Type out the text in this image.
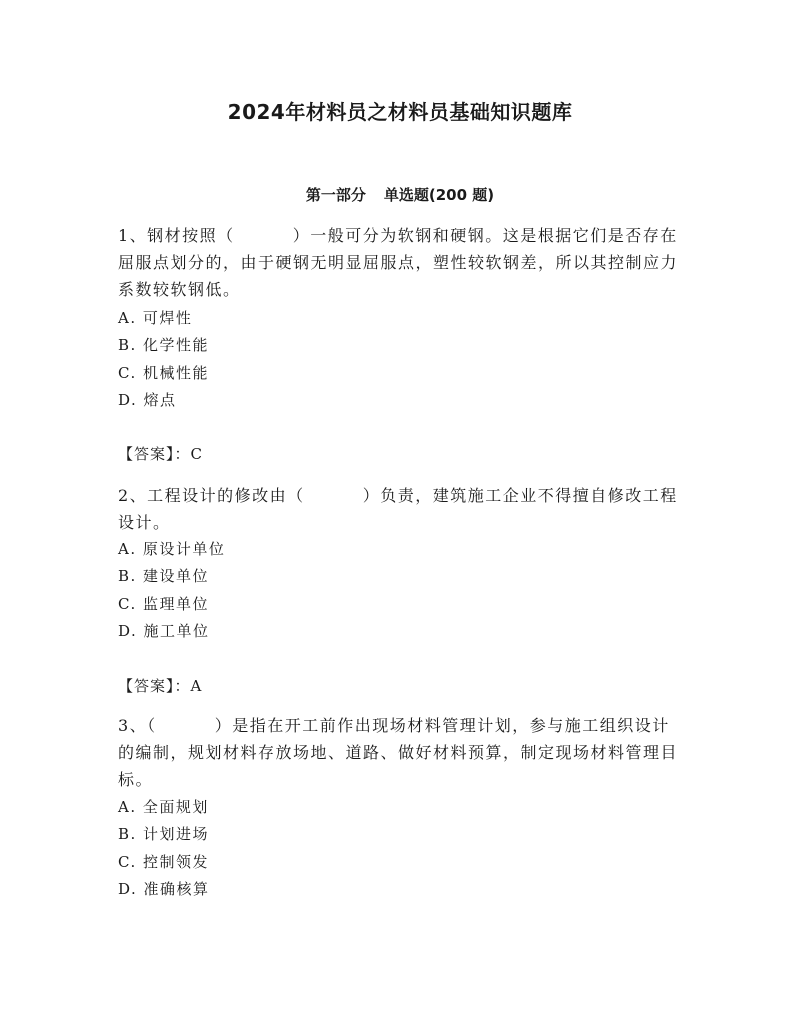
2024年材料员之材料员基础知识题库
第一部分 单选题(200 题)

1、钢材按照（	）一般可分为软钢和硬钢。这是根据它们是否存在屈服点划分的，由于硬钢无明显屈服点，塑性较软钢差，所以其控制应力系数较软钢低。

A. 可焊性
B. 化学性能
C. 机械性能
D. 熔点
【答案】：C

2、工程设计的修改由（	）负责，建筑施工企业不得擅自修改工程设计。

A. 原设计单位
B. 建设单位
C. 监理单位
D. 施工单位
【答案】：A

3、（	）是指在开工前作出现场材料管理计划，参与施工组织设计的编制，规划材料存放场地、道路、做好材料预算，制定现场材料管理目标。

A. 全面规划
B. 计划进场
C. 控制领发
D. 准确核算
